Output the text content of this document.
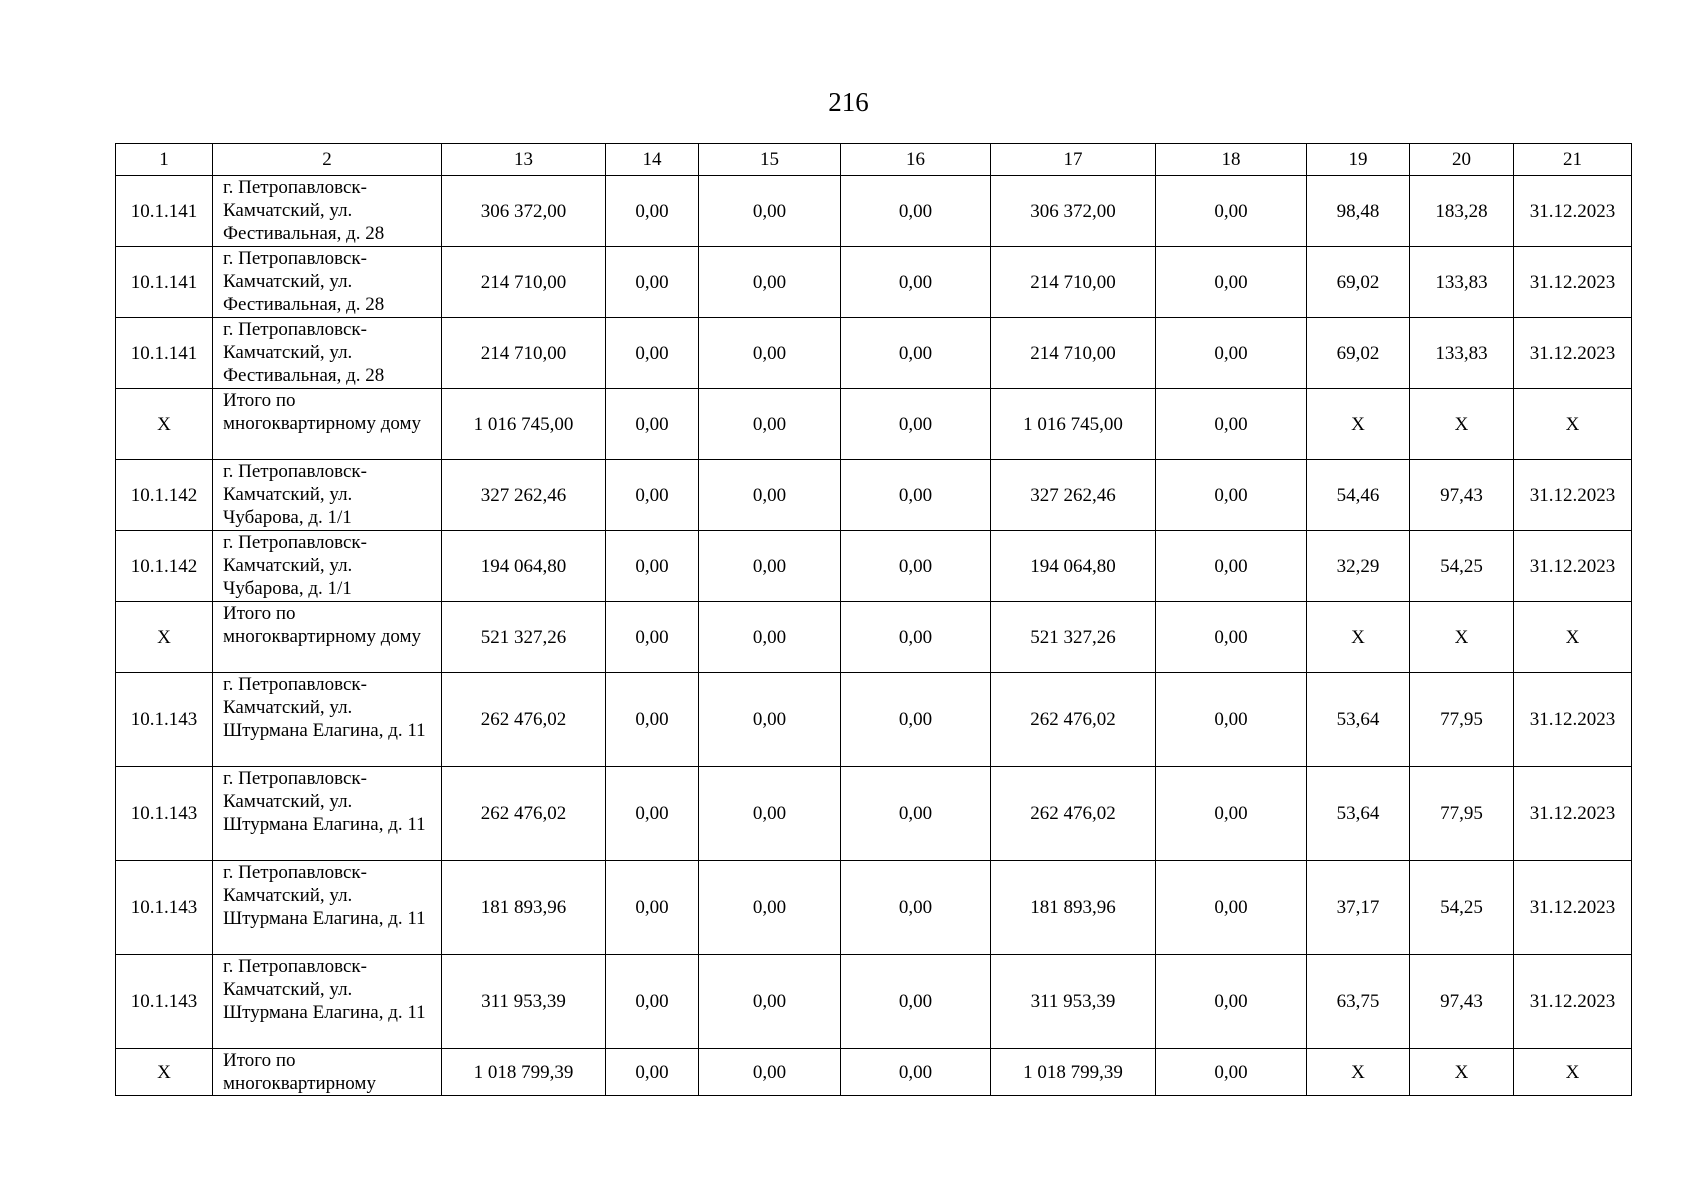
216
1	2	13	14	15	16	17	18	19	20	21
10.1.141	г. Петропавловск-Камчатский, ул. Фестивальная, д. 28	306 372,00	0,00	0,00	0,00	306 372,00	0,00	98,48	183,28	31.12.2023
10.1.141	г. Петропавловск-Камчатский, ул. Фестивальная, д. 28	214 710,00	0,00	0,00	0,00	214 710,00	0,00	69,02	133,83	31.12.2023
10.1.141	г. Петропавловск-Камчатский, ул. Фестивальная, д. 28	214 710,00	0,00	0,00	0,00	214 710,00	0,00	69,02	133,83	31.12.2023
Х	Итого по многоквартирному дому	1 016 745,00	0,00	0,00	0,00	1 016 745,00	0,00	Х	Х	Х
10.1.142	г. Петропавловск-Камчатский, ул. Чубарова, д. 1/1	327 262,46	0,00	0,00	0,00	327 262,46	0,00	54,46	97,43	31.12.2023
10.1.142	г. Петропавловск-Камчатский, ул. Чубарова, д. 1/1	194 064,80	0,00	0,00	0,00	194 064,80	0,00	32,29	54,25	31.12.2023
Х	Итого по многоквартирному дому	521 327,26	0,00	0,00	0,00	521 327,26	0,00	Х	Х	Х
10.1.143	г. Петропавловск-Камчатский, ул. Штурмана Елагина, д. 11	262 476,02	0,00	0,00	0,00	262 476,02	0,00	53,64	77,95	31.12.2023
10.1.143	г. Петропавловск-Камчатский, ул. Штурмана Елагина, д. 11	262 476,02	0,00	0,00	0,00	262 476,02	0,00	53,64	77,95	31.12.2023
10.1.143	г. Петропавловск-Камчатский, ул. Штурмана Елагина, д. 11	181 893,96	0,00	0,00	0,00	181 893,96	0,00	37,17	54,25	31.12.2023
10.1.143	г. Петропавловск-Камчатский, ул. Штурмана Елагина, д. 11	311 953,39	0,00	0,00	0,00	311 953,39	0,00	63,75	97,43	31.12.2023
Х	Итого по многоквартирному	1 018 799,39	0,00	0,00	0,00	1 018 799,39	0,00	Х	Х	Х
